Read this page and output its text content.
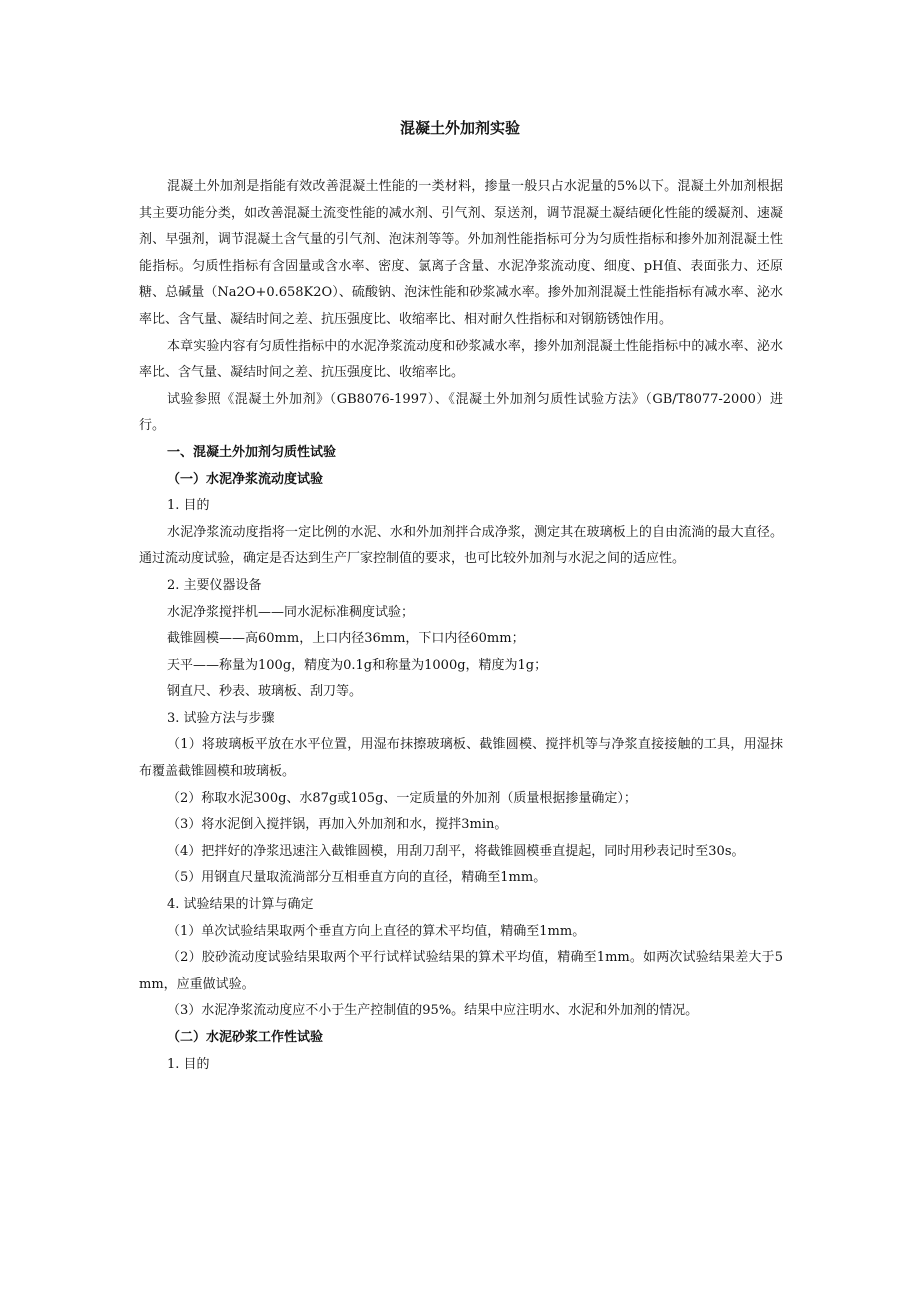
混凝土外加剂实验

混凝土外加剂是指能有效改善混凝土性能的一类材料，掺量一般只占水泥量的5%以下。混凝土外加剂根据其主要功能分类，如改善混凝土流变性能的减水剂、引气剂、泵送剂，调节混凝土凝结硬化性能的缓凝剂、速凝剂、早强剂，调节混凝土含气量的引气剂、泡沫剂等等。外加剂性能指标可分为匀质性指标和掺外加剂混凝土性能指标。匀质性指标有含固量或含水率、密度、氯离子含量、水泥净浆流动度、细度、pH值、表面张力、还原糖、总碱量（Na2O+0.658K2O）、硫酸钠、泡沫性能和砂浆减水率。掺外加剂混凝土性能指标有减水率、泌水率比、含气量、凝结时间之差、抗压强度比、收缩率比、相对耐久性指标和对钢筋锈蚀作用。

本章实验内容有匀质性指标中的水泥净浆流动度和砂浆减水率，掺外加剂混凝土性能指标中的减水率、泌水率比、含气量、凝结时间之差、抗压强度比、收缩率比。

试验参照《混凝土外加剂》（GB8076-1997）、《混凝土外加剂匀质性试验方法》（GB/T8077-2000）进行。

一、混凝土外加剂匀质性试验

（一）水泥净浆流动度试验

1. 目的

水泥净浆流动度指将一定比例的水泥、水和外加剂拌合成净浆，测定其在玻璃板上的自由流淌的最大直径。通过流动度试验，确定是否达到生产厂家控制值的要求，也可比较外加剂与水泥之间的适应性。

2. 主要仪器设备

水泥净浆搅拌机——同水泥标准稠度试验；

截锥圆模——高60mm，上口内径36mm，下口内径60mm；

天平——称量为100g，精度为0.1g和称量为1000g，精度为1g；

钢直尺、秒表、玻璃板、刮刀等。

3. 试验方法与步骤

（1）将玻璃板平放在水平位置，用湿布抹擦玻璃板、截锥圆模、搅拌机等与净浆直接接触的工具，用湿抹布覆盖截锥圆模和玻璃板。

（2）称取水泥300g、水87g或105g、一定质量的外加剂（质量根据掺量确定）；

（3）将水泥倒入搅拌锅，再加入外加剂和水，搅拌3min。

（4）把拌好的净浆迅速注入截锥圆模，用刮刀刮平，将截锥圆模垂直提起，同时用秒表记时至30s。

（5）用钢直尺量取流淌部分互相垂直方向的直径，精确至1mm。

4. 试验结果的计算与确定

（1）单次试验结果取两个垂直方向上直径的算术平均值，精确至1mm。

（2）胶砂流动度试验结果取两个平行试样试验结果的算术平均值，精确至1mm。如两次试验结果差大于5mm，应重做试验。

（3）水泥净浆流动度应不小于生产控制值的95%。结果中应注明水、水泥和外加剂的情况。

（二）水泥砂浆工作性试验

1. 目的
